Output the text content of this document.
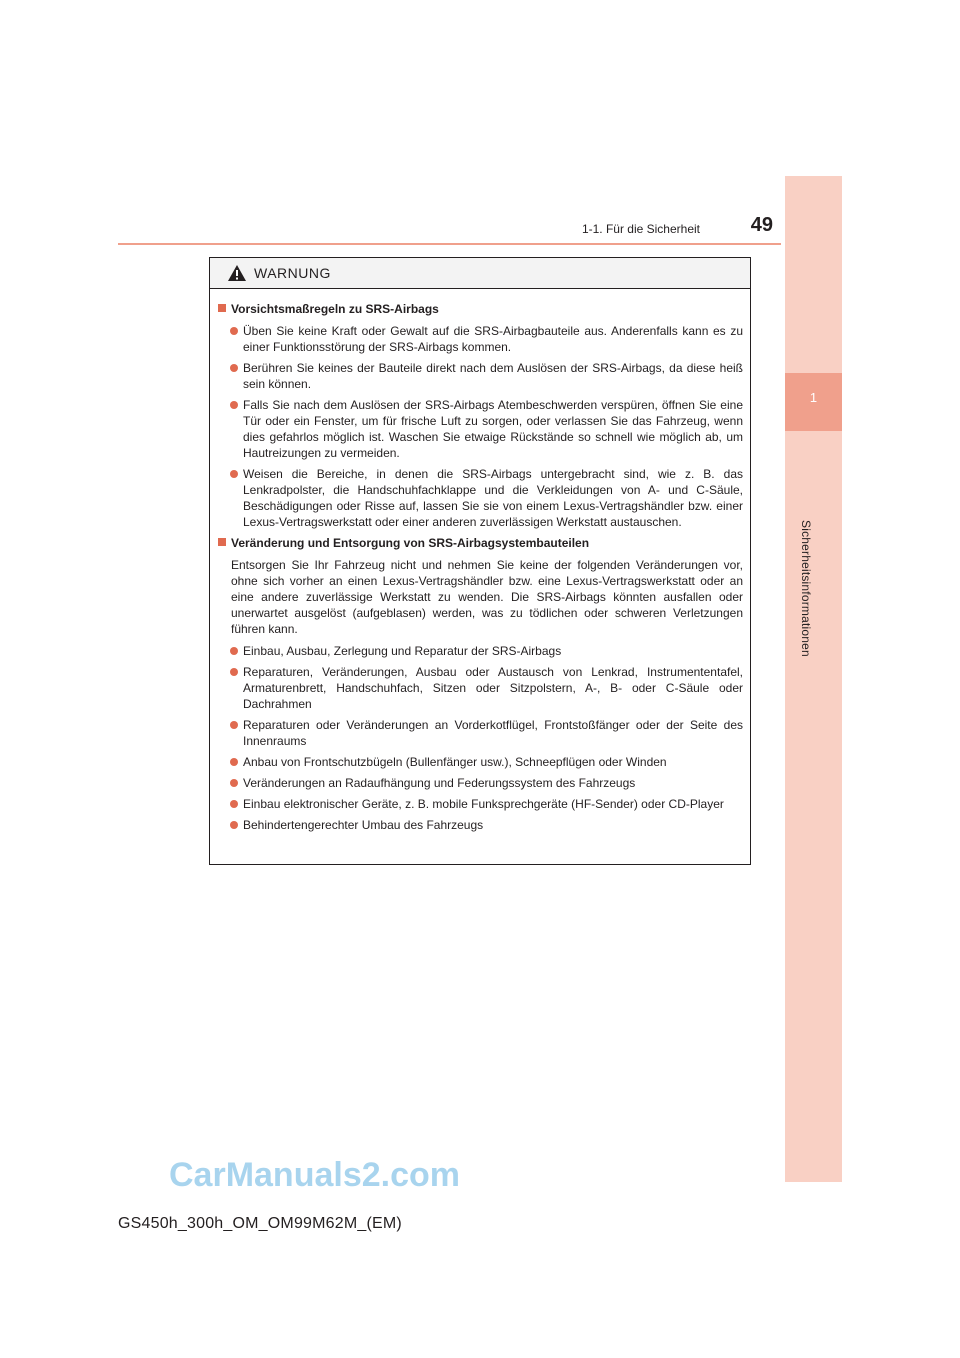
1
Sicherheitsinformationen
1-1. Für die Sicherheit	49
WARNUNG
Vorsichtsmaßregeln zu SRS-Airbags
Üben Sie keine Kraft oder Gewalt auf die SRS-Airbagbauteile aus. Anderenfalls kann es zu einer Funktionsstörung der SRS-Airbags kommen.
Berühren Sie keines der Bauteile direkt nach dem Auslösen der SRS-Airbags, da diese heiß sein können.
Falls Sie nach dem Auslösen der SRS-Airbags Atembeschwerden verspüren, öffnen Sie eine Tür oder ein Fenster, um für frische Luft zu sorgen, oder verlassen Sie das Fahrzeug, wenn dies gefahrlos möglich ist. Waschen Sie etwaige Rückstände so schnell wie möglich ab, um Hautreizungen zu vermeiden.
Weisen die Bereiche, in denen die SRS-Airbags untergebracht sind, wie z. B. das Lenkradpolster, die Handschuhfachklappe und die Verkleidungen von A- und C-Säule, Beschädigungen oder Risse auf, lassen Sie sie von einem Lexus-Vertragshändler bzw. einer Lexus-Vertragswerkstatt oder einer anderen zuverlässigen Werkstatt austauschen.
Veränderung und Entsorgung von SRS-Airbagsystembauteilen
Entsorgen Sie Ihr Fahrzeug nicht und nehmen Sie keine der folgenden Veränderungen vor, ohne sich vorher an einen Lexus-Vertragshändler bzw. eine Lexus-Vertragswerkstatt oder an eine andere zuverlässige Werkstatt zu wenden. Die SRS-Airbags könnten ausfallen oder unerwartet ausgelöst (aufgeblasen) werden, was zu tödlichen oder schweren Verletzungen führen kann.
Einbau, Ausbau, Zerlegung und Reparatur der SRS-Airbags
Reparaturen, Veränderungen, Ausbau oder Austausch von Lenkrad, Instrumententafel, Armaturenbrett, Handschuhfach, Sitzen oder Sitzpolstern, A-, B- oder C-Säule oder Dachrahmen
Reparaturen oder Veränderungen an Vorderkotflügel, Frontstoßfänger oder der Seite des Innenraums
Anbau von Frontschutzbügeln (Bullenfänger usw.), Schneepflügen oder Winden
Veränderungen an Radaufhängung und Federungssystem des Fahrzeugs
Einbau elektronischer Geräte, z. B. mobile Funksprechgeräte (HF-Sender) oder CD-Player
Behindertengerechter Umbau des Fahrzeugs
CarManuals2.com
GS450h_300h_OM_OM99M62M_(EM)
